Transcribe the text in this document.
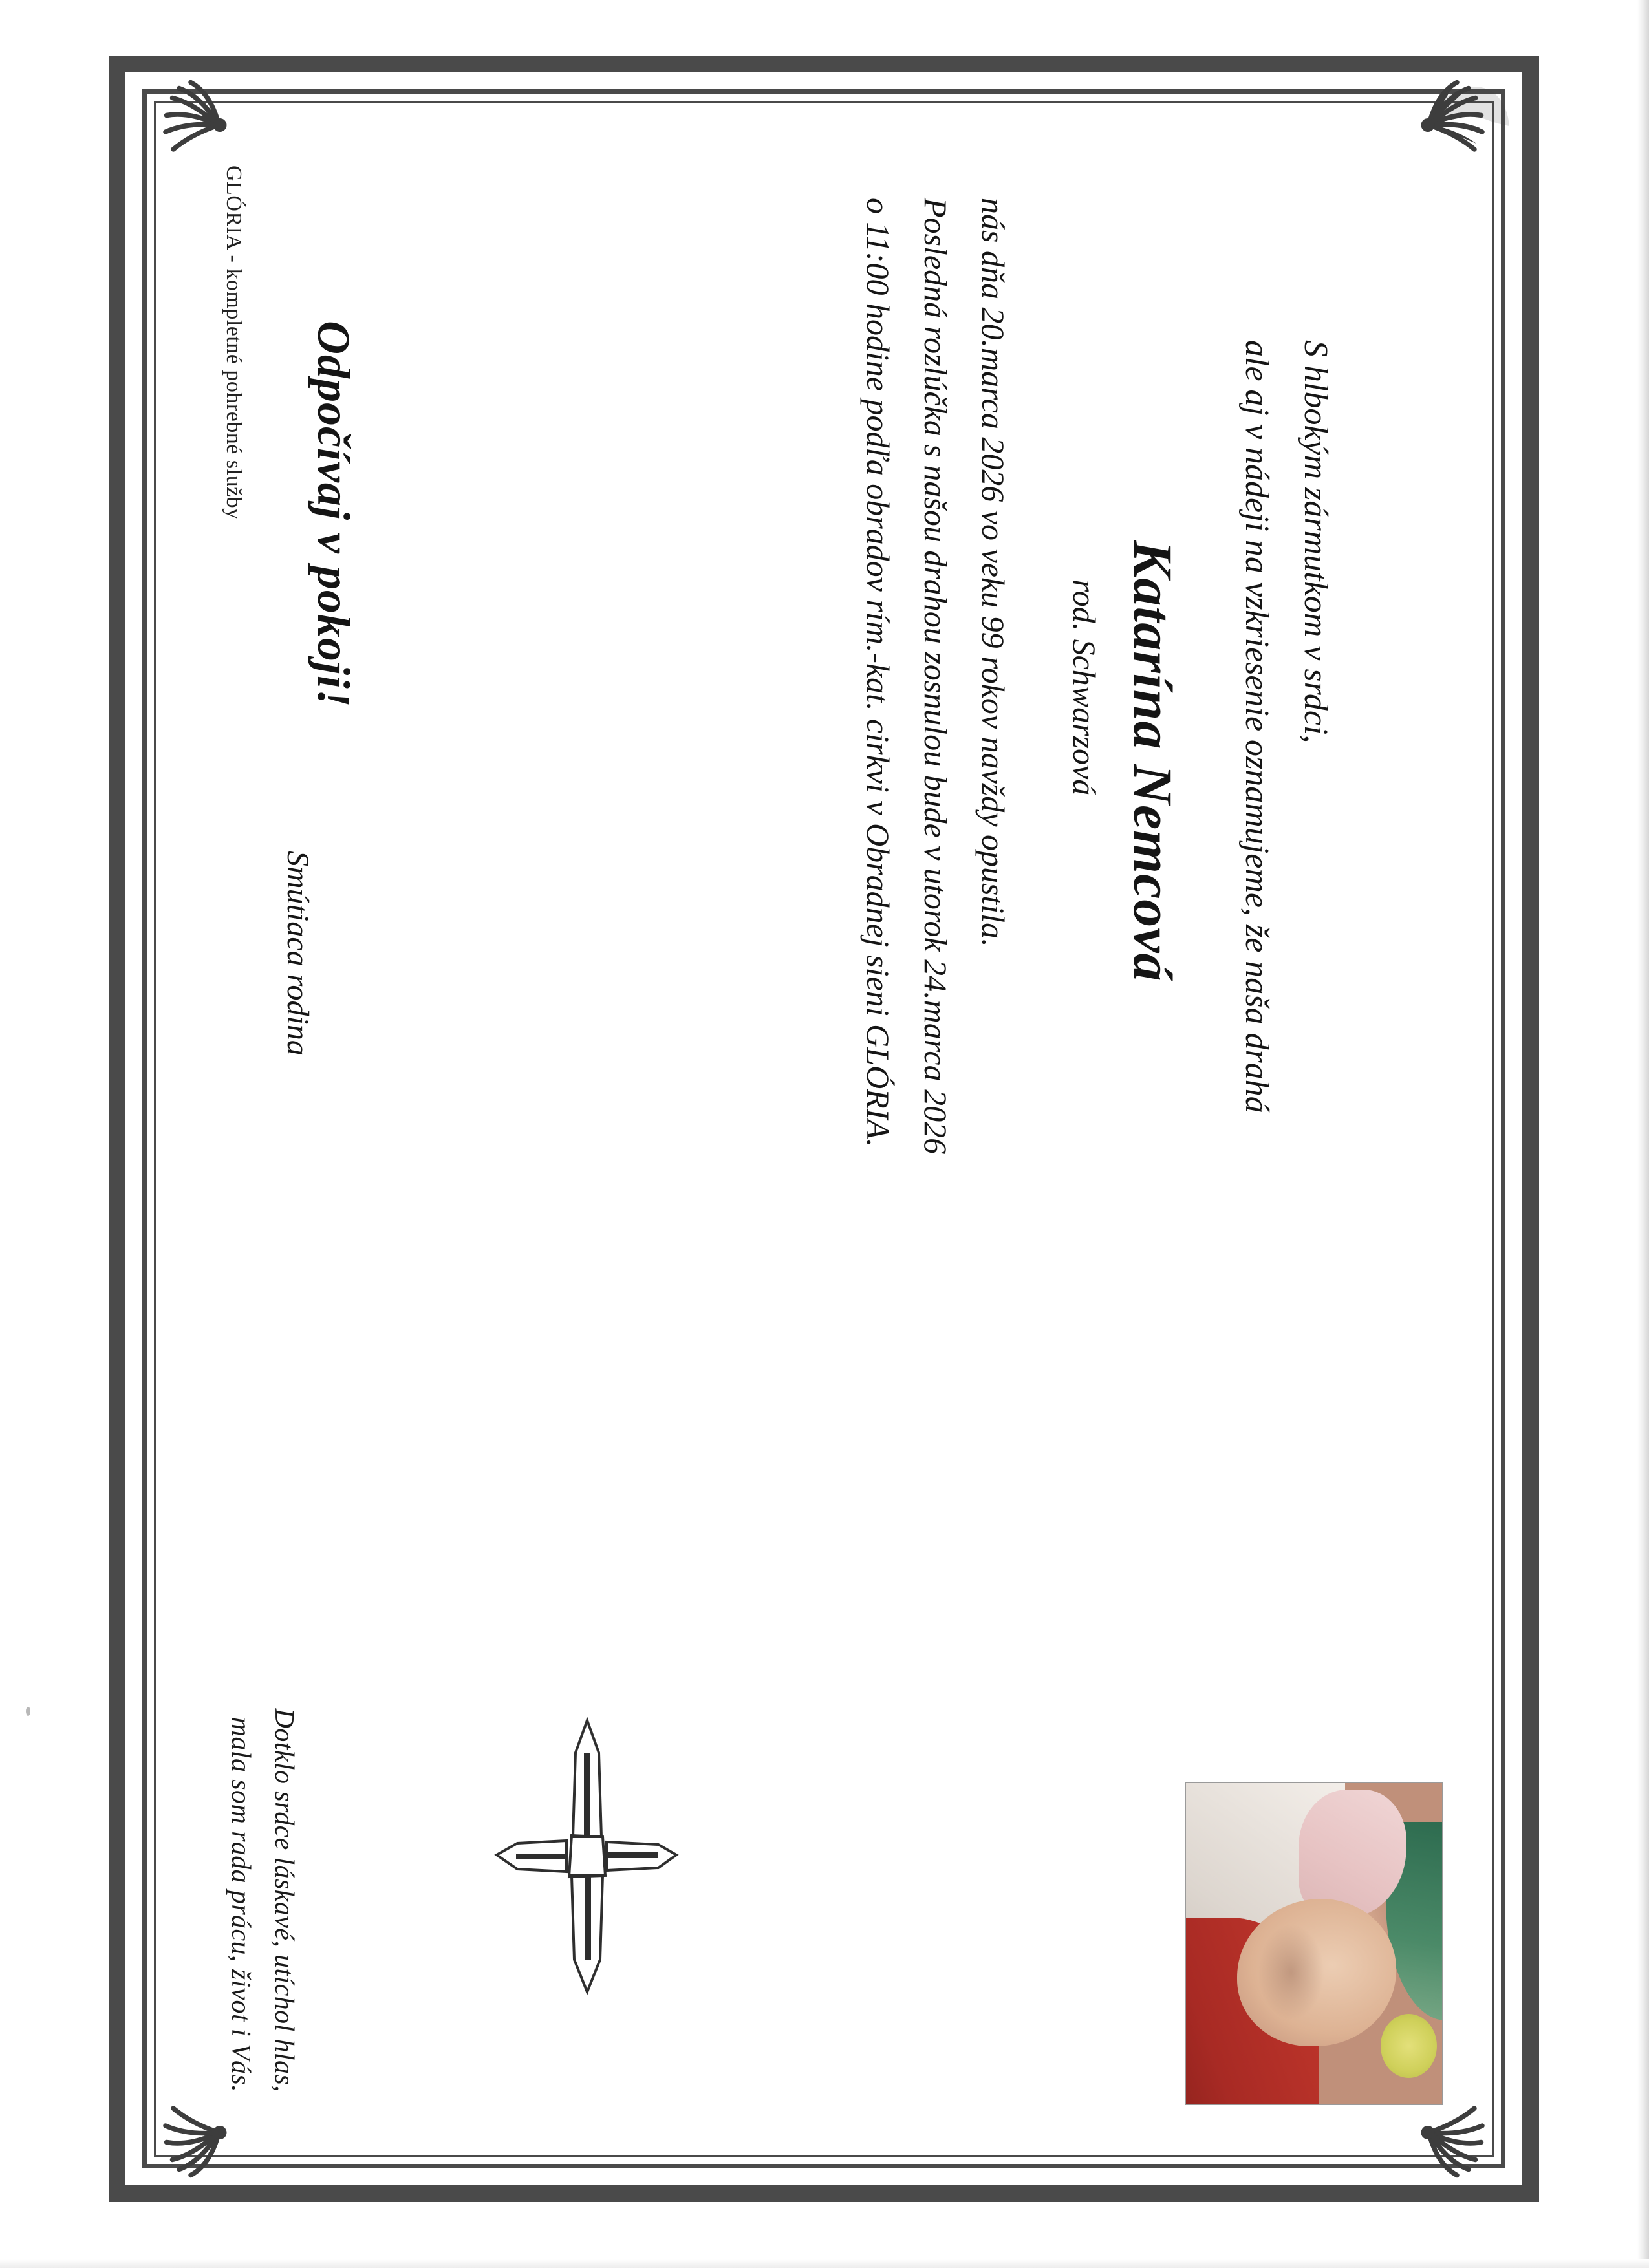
Dotklo srdce láskavé, utíchol hlas,
mala som rada prácu, život i Vás.
S hlbokým zármutkom v srdci,
ale aj v nádeji na vzkriesenie oznamujeme, že naša drahá
Katarína Nemcová
rod. Schwarzová
nás dňa 20.marca 2026 vo veku 99 rokov navždy opustila.
Posledná rozlúčka s našou drahou zosnulou bude v utorok 24.marca 2026
o 11:00 hodine podľa obradov rím.-kat. cirkvi v Obradnej sieni GLÓRIA.
Odpočívaj v pokoji!
Smútiaca rodina
GLÓRIA - kompletné pohrebné služby
